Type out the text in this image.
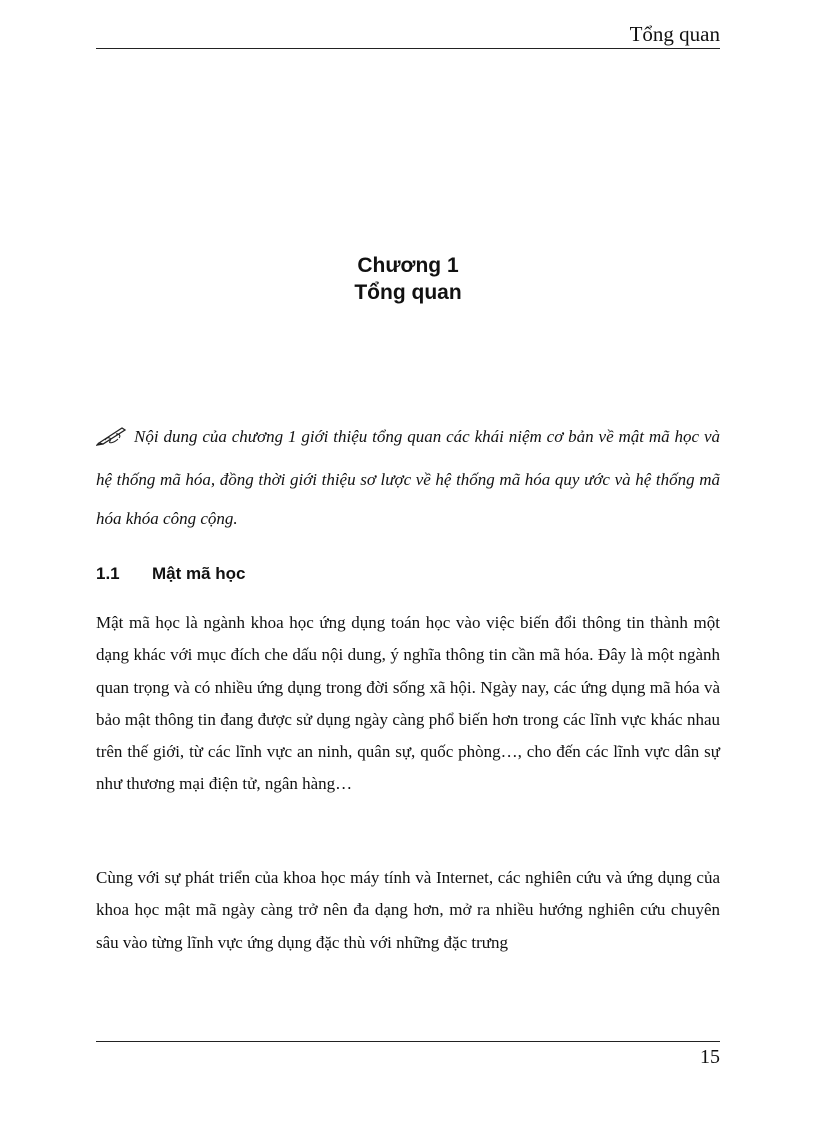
Tổng quan
Chương 1
Tổng quan
Nội dung của chương 1 giới thiệu tổng quan các khái niệm cơ bản về mật mã học và hệ thống mã hóa, đồng thời giới thiệu sơ lược về hệ thống mã hóa quy ước và hệ thống mã hóa khóa công cộng.
1.1 Mật mã học
Mật mã học là ngành khoa học ứng dụng toán học vào việc biến đổi thông tin thành một dạng khác với mục đích che dấu nội dung, ý nghĩa thông tin cần mã hóa. Đây là một ngành quan trọng và có nhiều ứng dụng trong đời sống xã hội. Ngày nay, các ứng dụng mã hóa và bảo mật thông tin đang được sử dụng ngày càng phổ biến hơn trong các lĩnh vực khác nhau trên thế giới, từ các lĩnh vực an ninh, quân sự, quốc phòng…, cho đến các lĩnh vực dân sự như thương mại điện tử, ngân hàng…
Cùng với sự phát triển của khoa học máy tính và Internet, các nghiên cứu và ứng dụng của khoa học mật mã ngày càng trở nên đa dạng hơn, mở ra nhiều hướng nghiên cứu chuyên sâu vào từng lĩnh vực ứng dụng đặc thù với những đặc trưng
15
